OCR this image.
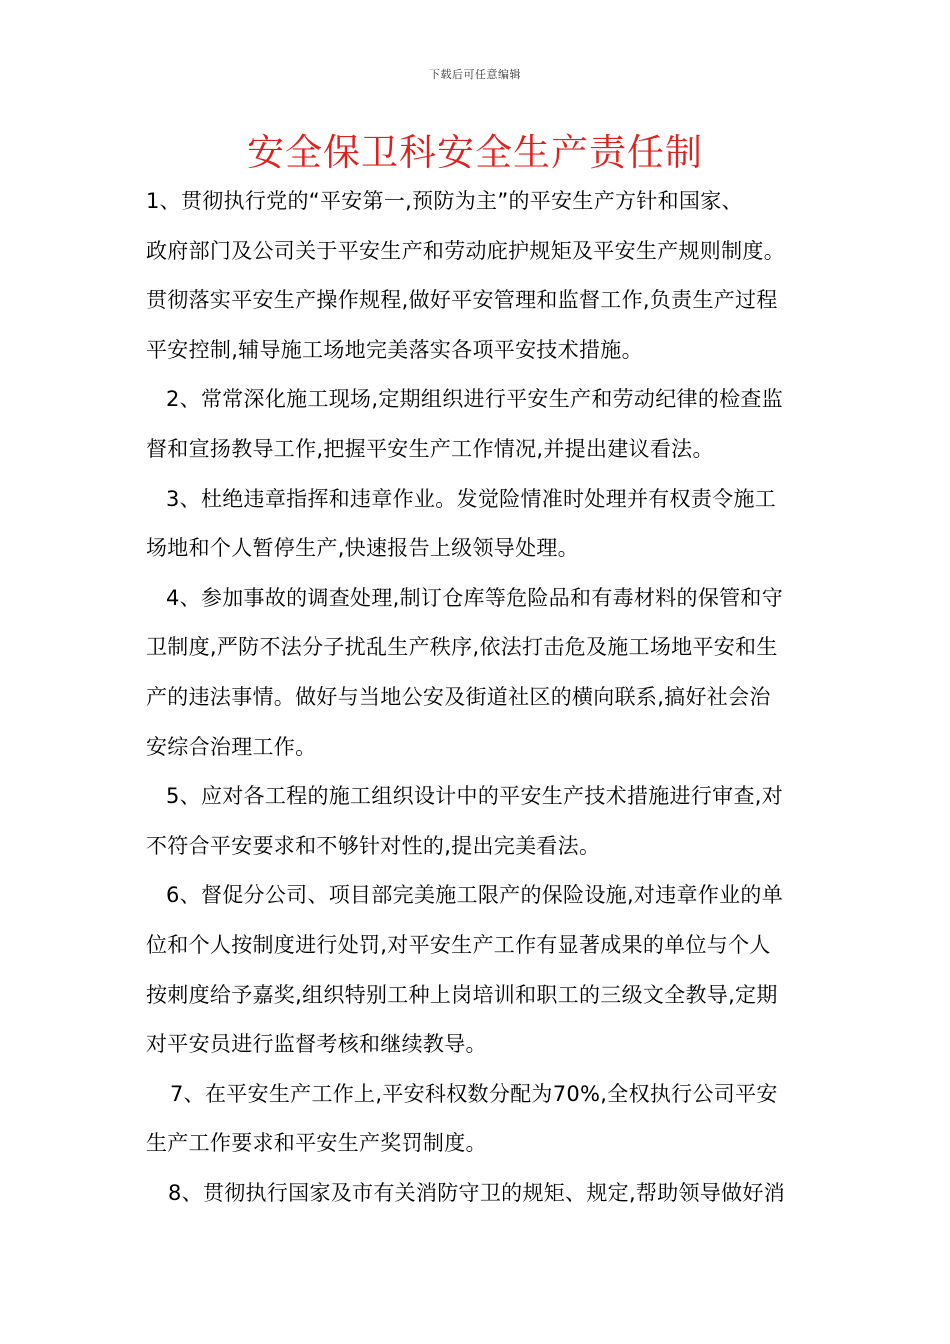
下载后可任意编辑
安全保卫科安全生产责任制
1、贯彻执行党的“平安第一,预防为主”的平安生产方针和国家、
政府部门及公司关于平安生产和劳动庇护规矩及平安生产规则制度。
贯彻落实平安生产操作规程,做好平安管理和监督工作,负责生产过程
平安控制,辅导施工场地完美落实各项平安技术措施。
2、常常深化施工现场,定期组织进行平安生产和劳动纪律的检查监
督和宣扬教导工作,把握平安生产工作情况,并提出建议看法。
3、杜绝违章指挥和违章作业。发觉险情准时处理并有权责令施工
场地和个人暂停生产,快速报告上级领导处理。
4、参加事故的调查处理,制订仓库等危险品和有毒材料的保管和守
卫制度,严防不法分子扰乱生产秩序,依法打击危及施工场地平安和生
产的违法事情。做好与当地公安及街道社区的横向联系,搞好社会治
安综合治理工作。
5、应对各工程的施工组织设计中的平安生产技术措施进行审查,对
不符合平安要求和不够针对性的,提出完美看法。
6、督促分公司、项目部完美施工限产的保险设施,对违章作业的单
位和个人按制度进行处罚,对平安生产工作有显著成果的单位与个人
按刺度给予嘉奖,组织特别工种上岗培训和职工的三级文全教导,定期
对平安员进行监督考核和继续教导。
7、在平安生产工作上,平安科权数分配为70%,全权执行公司平安
生产工作要求和平安生产奖罚制度。
8、贯彻执行国家及市有关消防守卫的规矩、规定,帮助领导做好消
